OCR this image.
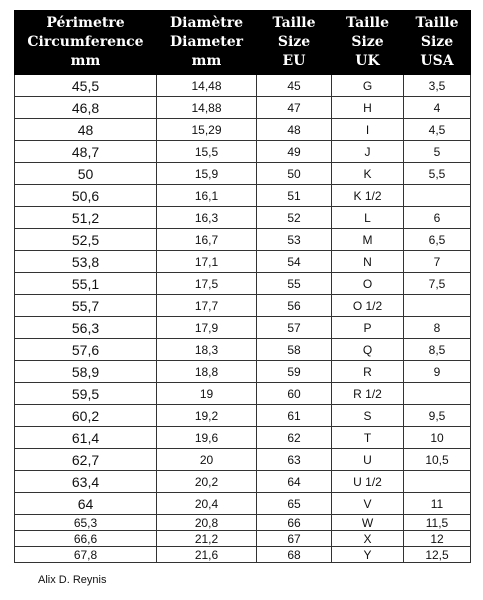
Périmetre
Circumference
mm	Diamètre
Diameter
mm	Taille
Size
EU	Taille
Size
UK	Taille
Size
USA

45,5	14,48	45	G	3,5
46,8	14,88	47	H	4
48	15,29	48	I	4,5
48,7	15,5	49	J	5
50	15,9	50	K	5,5
50,6	16,1	51	K 1/2	
51,2	16,3	52	L	6
52,5	16,7	53	M	6,5
53,8	17,1	54	N	7
55,1	17,5	55	O	7,5
55,7	17,7	56	O 1/2	
56,3	17,9	57	P	8
57,6	18,3	58	Q	8,5
58,9	18,8	59	R	9
59,5	19	60	R 1/2	
60,2	19,2	61	S	9,5
61,4	19,6	62	T	10
62,7	20	63	U	10,5
63,4	20,2	64	U 1/2	
64	20,4	65	V	11
65,3	20,8	66	W	11,5
66,6	21,2	67	X	12
67,8	21,6	68	Y	12,5
Alix D. Reynis
